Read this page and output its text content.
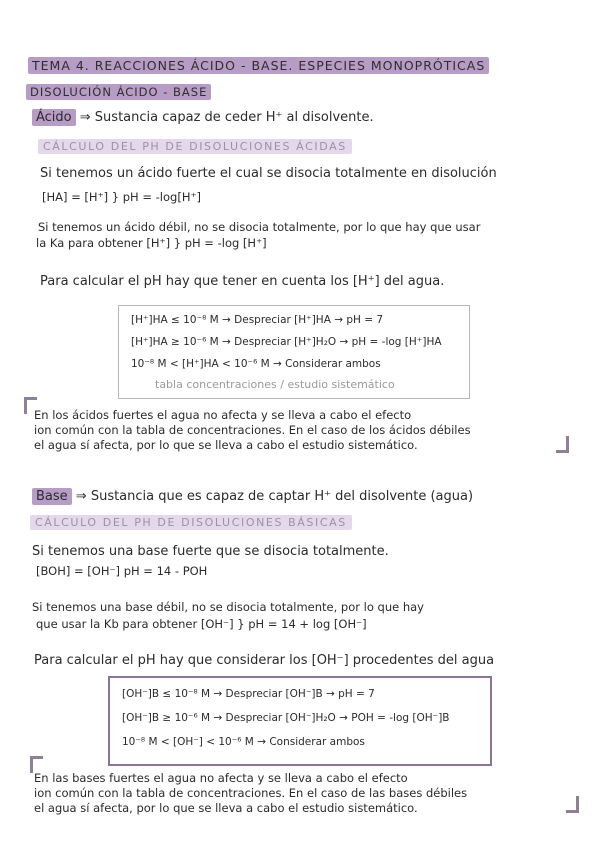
TEMA 4. REACCIONES ÁCIDO - BASE. ESPECIES MONOPRÓTICAS
DISOLUCIÓN ÁCIDO - BASE
Ácido ⇒ Sustancia capaz de ceder H⁺ al disolvente.
CÁLCULO DEL PH DE DISOLUCIONES ÁCIDAS
Si tenemos un ácido fuerte el cual se disocia totalmente en disolución
[HA] = [H⁺] } pH = -log[H⁺]
Si tenemos un ácido débil, no se disocia totalmente, por lo que hay que usar
la Ka para obtener [H⁺] } pH = -log [H⁺]
Para calcular el pH hay que tener en cuenta los [H⁺] del agua.
[H⁺]HA ≤ 10⁻⁸ M → Despreciar [H⁺]HA → pH = 7
[H⁺]HA ≥ 10⁻⁶ M → Despreciar [H⁺]H₂O → pH = -log [H⁺]HA
10⁻⁸ M < [H⁺]HA < 10⁻⁶ M → Considerar ambos
tabla concentraciones / estudio sistemático
En los ácidos fuertes el agua no afecta y se lleva a cabo el efecto
ion común con la tabla de concentraciones. En el caso de los ácidos débiles
el agua sí afecta, por lo que se lleva a cabo el estudio sistemático.
Base ⇒ Sustancia que es capaz de captar H⁺ del disolvente (agua)
CÁLCULO DEL PH DE DISOLUCIONES BÁSICAS
Si tenemos una base fuerte que se disocia totalmente.
[BOH] = [OH⁻] pH = 14 - POH
Si tenemos una base débil, no se disocia totalmente, por lo que hay
que usar la Kb para obtener [OH⁻] } pH = 14 + log [OH⁻]
Para calcular el pH hay que considerar los [OH⁻] procedentes del agua
[OH⁻]B ≤ 10⁻⁸ M → Despreciar [OH⁻]B → pH = 7
[OH⁻]B ≥ 10⁻⁶ M → Despreciar [OH⁻]H₂O → POH = -log [OH⁻]B
10⁻⁸ M < [OH⁻] < 10⁻⁶ M → Considerar ambos
En las bases fuertes el agua no afecta y se lleva a cabo el efecto
ion común con la tabla de concentraciones. En el caso de las bases débiles
el agua sí afecta, por lo que se lleva a cabo el estudio sistemático.
